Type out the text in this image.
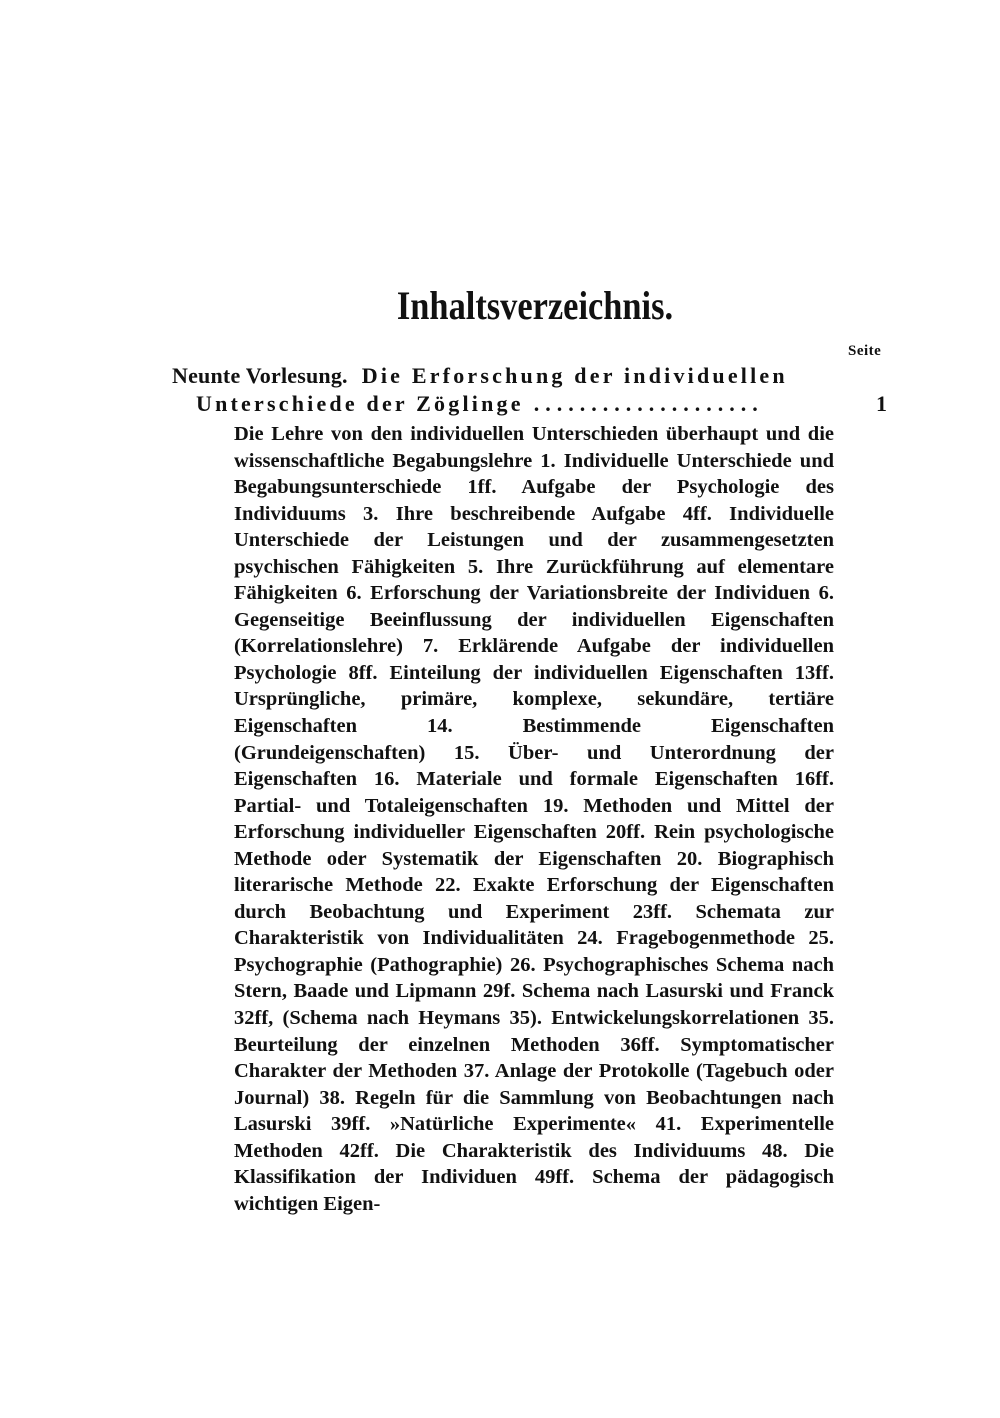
Inhaltsverzeichnis.
Seite
Neunte Vorlesung. Die Erforschung der individuellen
Unterschiede der Zöglinge ....................	1
Die Lehre von den individuellen Unterschieden überhaupt und die wissenschaftliche Begabungslehre 1. Individuelle Unterschiede und Begabungsunterschiede 1ff. Aufgabe der Psychologie des Individuums 3. Ihre beschreibende Aufgabe 4ff. Individuelle Unterschiede der Leistungen und der zusammengesetzten psychischen Fähigkeiten 5. Ihre Zurückführung auf elementare Fähigkeiten 6. Erforschung der Variationsbreite der Individuen 6. Gegenseitige Beeinflussung der individuellen Eigenschaften (Korrelationslehre) 7. Erklärende Aufgabe der individuellen Psychologie 8ff. Einteilung der individuellen Eigenschaften 13ff. Ursprüngliche, primäre, komplexe, sekundäre, tertiäre Eigenschaften 14. Bestimmende Eigenschaften (Grundeigenschaften) 15. Über- und Unterordnung der Eigenschaften 16. Materiale und formale Eigenschaften 16ff. Partial- und Totaleigenschaften 19. Methoden und Mittel der Erforschung individueller Eigenschaften 20ff. Rein psychologische Methode oder Systematik der Eigenschaften 20. Biographisch literarische Methode 22. Exakte Erforschung der Eigenschaften durch Beobachtung und Experiment 23ff. Schemata zur Charakteristik von Individualitäten 24. Fragebogenmethode 25. Psychographie (Pathographie) 26. Psychographisches Schema nach Stern, Baade und Lipmann 29f. Schema nach Lasurski und Franck 32ff, (Schema nach Heymans 35). Entwickelungskorrelationen 35. Beurteilung der einzelnen Methoden 36ff. Symptomatischer Charakter der Methoden 37. Anlage der Protokolle (Tagebuch oder Journal) 38. Regeln für die Sammlung von Beobachtungen nach Lasurski 39ff. »Natürliche Experimente« 41. Experimentelle Methoden 42ff. Die Charakteristik des Individuums 48. Die Klassifikation der Individuen 49ff. Schema der pädagogisch wichtigen Eigen-
